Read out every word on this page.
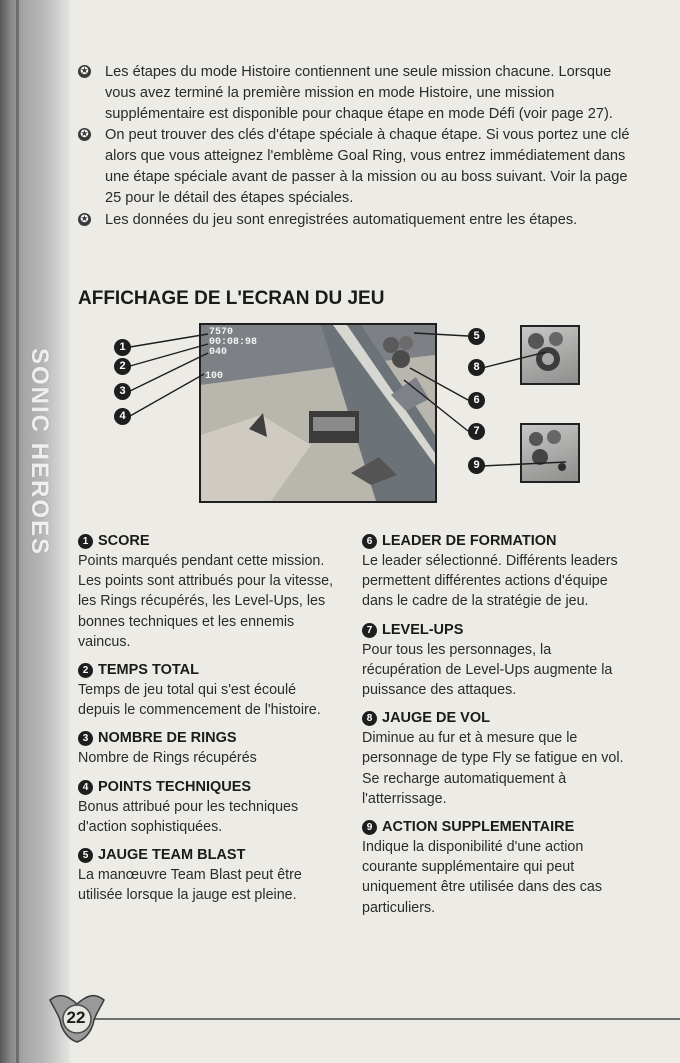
SONIC HEROES
✪ Les étapes du mode Histoire contiennent une seule mission chacune. Lorsque vous avez terminé la première mission en mode Histoire, une mission supplémentaire est disponible pour chaque étape en mode Défi (voir page 27).
✪ On peut trouver des clés d'étape spéciale à chaque étape. Si vous portez une clé alors que vous atteignez l'emblème Goal Ring, vous entrez immédiatement dans une étape spéciale avant de passer à la mission ou au boss suivant. Voir la page 25 pour le détail des étapes spéciales.
✪ Les données du jeu sont enregistrées automatiquement entre les étapes.
AFFICHAGE DE L'ECRAN DU JEU
7570
00:08:98
040
100
1
2
3
4
5
6
7
8
9
1 SCORE
Points marqués pendant cette mission. Les points sont attribués pour la vitesse, les Rings récupérés, les Level-Ups, les bonnes techniques et les ennemis vaincus.
2 TEMPS TOTAL
Temps de jeu total qui s'est écoulé depuis le commencement de l'histoire.
3 NOMBRE DE RINGS
Nombre de Rings récupérés
4 POINTS TECHNIQUES
Bonus attribué pour les techniques d'action sophistiquées.
5 JAUGE TEAM BLAST
La manœuvre Team Blast peut être utilisée lorsque la jauge est pleine.
6 LEADER DE FORMATION
Le leader sélectionné. Différents leaders permettent différentes actions d'équipe dans le cadre de la stratégie de jeu.
7 LEVEL-UPS
Pour tous les personnages, la récupération de Level-Ups augmente la puissance des attaques.
8 JAUGE DE VOL
Diminue au fur et à mesure que le personnage de type Fly se fatigue en vol. Se recharge automatiquement à l'atterrissage.
9 ACTION SUPPLEMENTAIRE
Indique la disponibilité d'une action courante supplémentaire qui peut uniquement être utilisée dans des cas particuliers.
22
